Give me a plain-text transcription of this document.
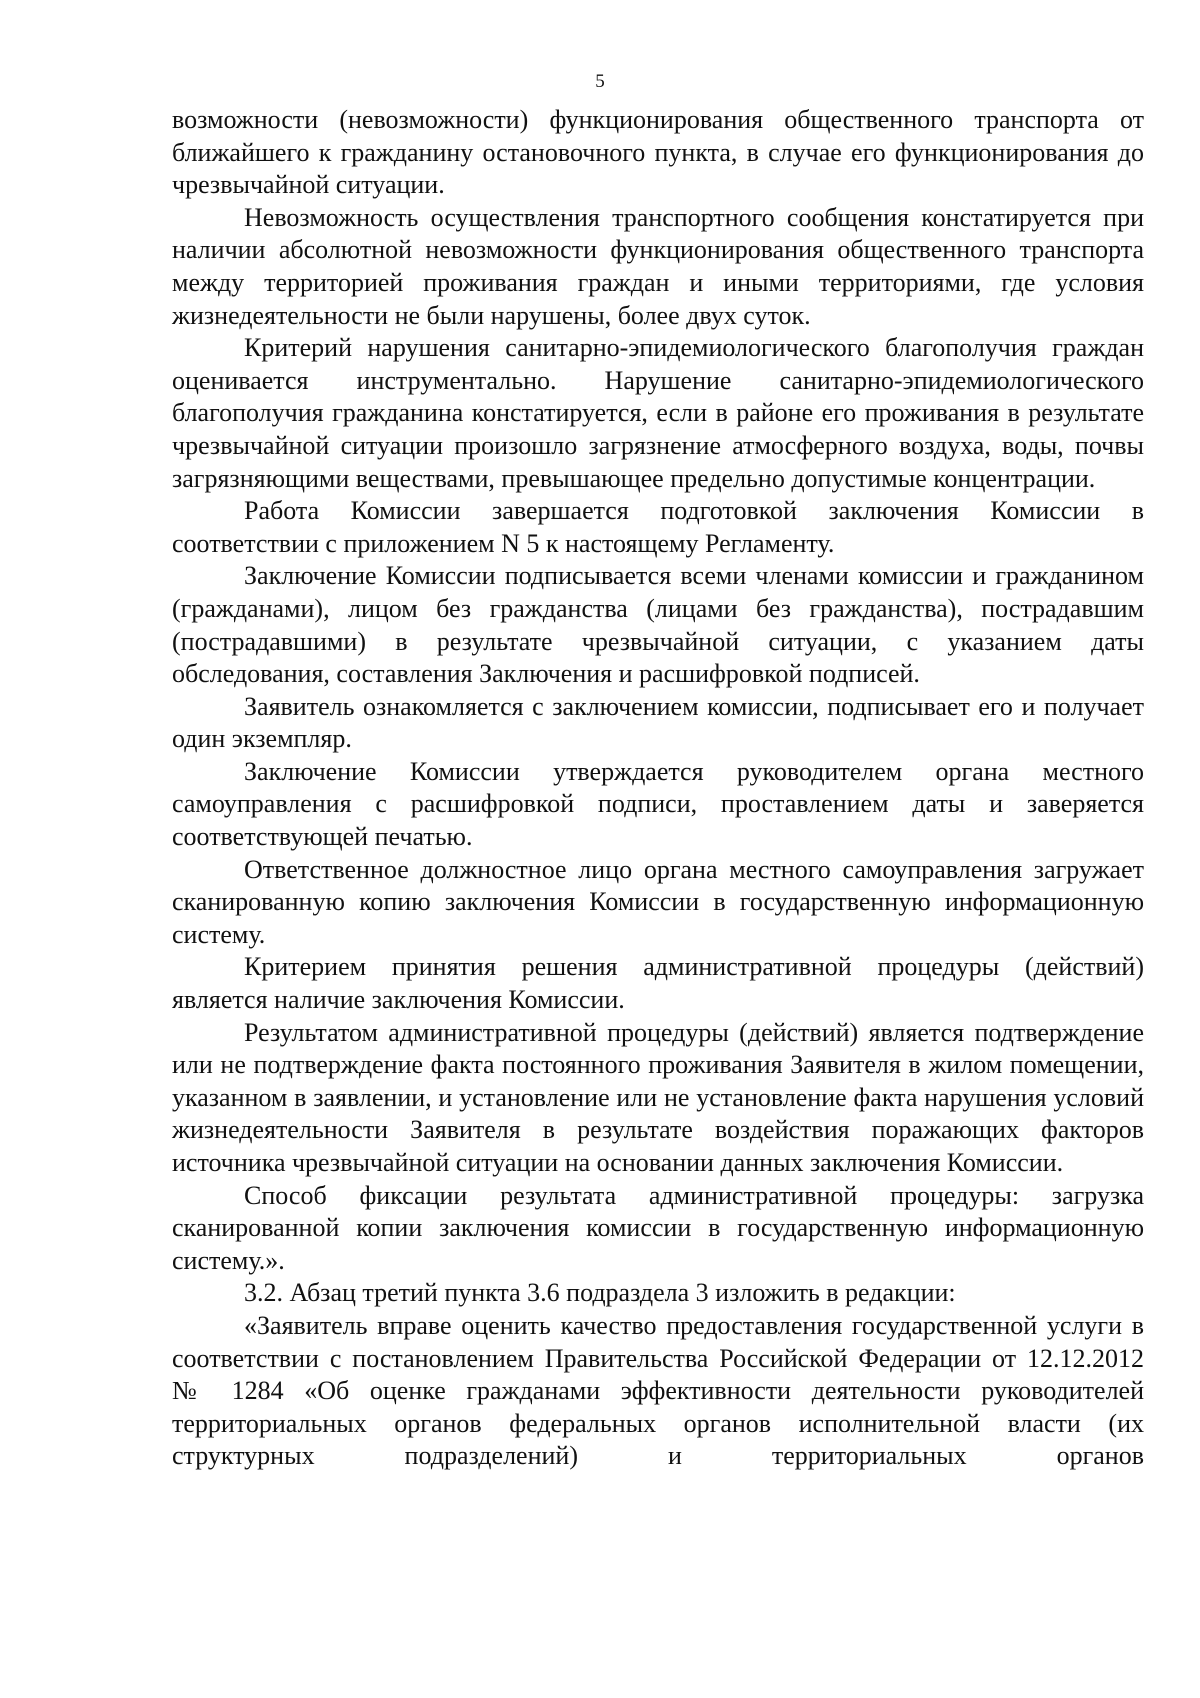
5

возможности (невозможности) функционирования общественного транспорта от ближайшего к гражданину остановочного пункта, в случае его функционирования до чрезвычайной ситуации.

Невозможность осуществления транспортного сообщения констатируется при наличии абсолютной невозможности функционирования общественного транспорта между территорией проживания граждан и иными территориями, где условия жизнедеятельности не были нарушены, более двух суток.

Критерий нарушения санитарно-эпидемиологического благополучия граждан оценивается инструментально. Нарушение санитарно-эпидемиологического благополучия гражданина констатируется, если в районе его проживания в результате чрезвычайной ситуации произошло загрязнение атмосферного воздуха, воды, почвы загрязняющими веществами, превышающее предельно допустимые концентрации.

Работа Комиссии завершается подготовкой заключения Комиссии в соответствии с приложением N 5 к настоящему Регламенту.

Заключение Комиссии подписывается всеми членами комиссии и гражданином (гражданами), лицом без гражданства (лицами без гражданства), пострадавшим (пострадавшими) в результате чрезвычайной ситуации, с указанием даты обследования, составления Заключения и расшифровкой подписей.

Заявитель ознакомляется с заключением комиссии, подписывает его и получает один экземпляр.

Заключение Комиссии утверждается руководителем органа местного самоуправления с расшифровкой подписи, проставлением даты и заверяется соответствующей печатью.

Ответственное должностное лицо органа местного самоуправления загружает сканированную копию заключения Комиссии в государственную информационную систему.

Критерием принятия решения административной процедуры (действий) является наличие заключения Комиссии.

Результатом административной процедуры (действий) является подтверждение или не подтверждение факта постоянного проживания Заявителя в жилом помещении, указанном в заявлении, и установление или не установление факта нарушения условий жизнедеятельности Заявителя в результате воздействия поражающих факторов источника чрезвычайной ситуации на основании данных заключения Комиссии.

Способ фиксации результата административной процедуры: загрузка сканированной копии заключения комиссии в государственную информационную систему.».

3.2. Абзац третий пункта 3.6 подраздела 3 изложить в редакции:

«Заявитель вправе оценить качество предоставления государственной услуги в соответствии с постановлением Правительства Российской Федерации от 12.12.2012 № 1284 «Об оценке гражданами эффективности деятельности руководителей территориальных органов федеральных органов исполнительной власти (их структурных подразделений) и территориальных органов
